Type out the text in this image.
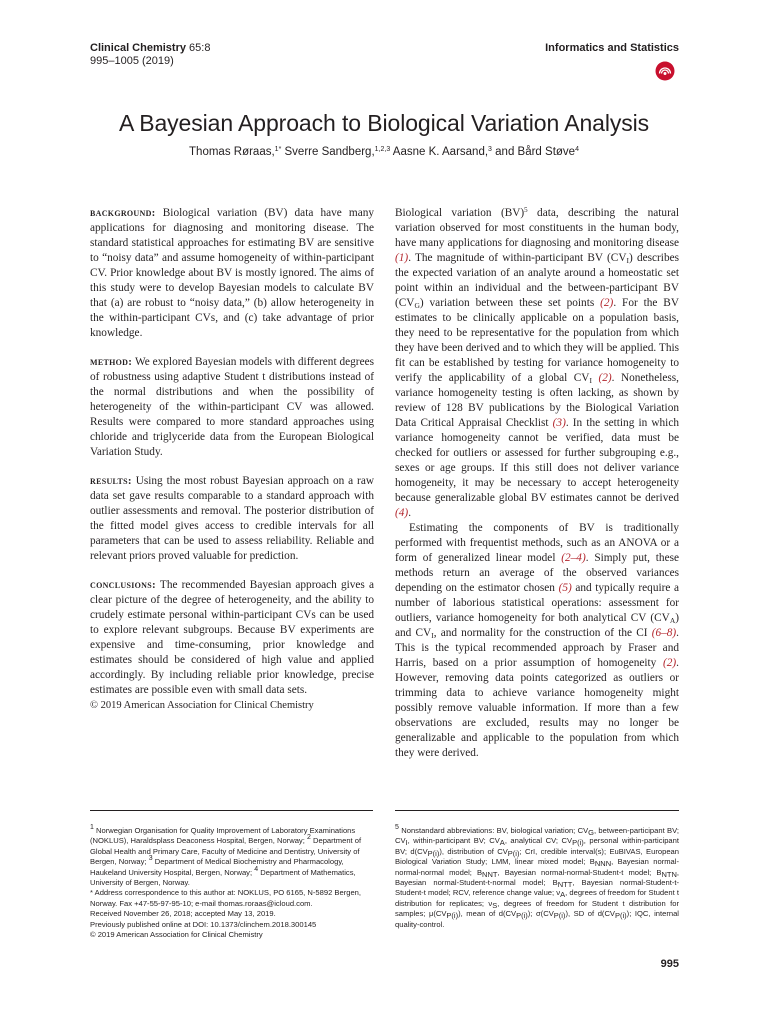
Clinical Chemistry 65:8
995–1005 (2019)
Informatics and Statistics
A Bayesian Approach to Biological Variation Analysis
Thomas Røraas,$^{1*}$ Sverre Sandberg,$^{1,2,3}$ Aasne K. Aarsand,$^3$ and Bård Støve$^4$

background: Biological variation (BV) data have many applications for diagnosing and monitoring disease. The standard statistical approaches for estimating BV are sensitive to “noisy data” and assume homogeneity of within-participant CV. Prior knowledge about BV is mostly ignored. The aims of this study were to develop Bayesian models to calculate BV that (a) are robust to “noisy data,” (b) allow heterogeneity in the within-participant CVs, and (c) take advantage of prior knowledge.

method: We explored Bayesian models with different degrees of robustness using adaptive Student t distributions instead of the normal distributions and when the possibility of heterogeneity of the within-participant CV was allowed. Results were compared to more standard approaches using chloride and triglyceride data from the European Biological Variation Study.

results: Using the most robust Bayesian approach on a raw data set gave results comparable to a standard approach with outlier assessments and removal. The posterior distribution of the fitted model gives access to credible intervals for all parameters that can be used to assess reliability. Reliable and relevant priors proved valuable for prediction.

conclusions: The recommended Bayesian approach gives a clear picture of the degree of heterogeneity, and the ability to crudely estimate personal within-participant CVs can be used to explore relevant subgroups. Because BV experiments are expensive and time-consuming, prior knowledge and estimates should be considered of high value and applied accordingly. By including reliable prior knowledge, precise estimates are possible even with small data sets.

© 2019 American Association for Clinical Chemistry

Biological variation (BV)$^5$ data, describing the natural variation observed for most constituents in the human body, have many applications for diagnosing and monitoring disease (1). The magnitude of within-participant BV $(CV_I)$ describes the expected variation of an analyte around a homeostatic set point within an individual and the between-participant BV $(CV_G)$ variation between these set points (2). For the BV estimates to be clinically applicable on a population basis, they need to be representative for the population from which they have been derived and to which they will be applied. This fit can be established by testing for variance homogeneity to verify the applicability of a global $CV_I$ (2). Nonetheless, variance homogeneity testing is often lacking, as shown by review of 128 BV publications by the Biological Variation Data Critical Appraisal Checklist (3). In the setting in which variance homogeneity cannot be verified, data must be checked for outliers or assessed for further subgrouping e.g., sexes or age groups. If this still does not deliver variance homogeneity, it may be necessary to accept heterogeneity because generalizable global BV estimates cannot be derived (4).

Estimating the components of BV is traditionally performed with frequentist methods, such as an ANOVA or a form of generalized linear model (2–4). Simply put, these methods return an average of the observed variances depending on the estimator chosen (5) and typically require a number of laborious statistical operations: assessment for outliers, variance homogeneity for both analytical CV $(CV_A)$ and $CV_I$, and normality for the construction of the CI (6–8). This is the typical recommended approach by Fraser and Harris, based on a prior assumption of homogeneity (2). However, removing data points categorized as outliers or trimming data to achieve variance homogeneity might possibly remove valuable information. If more than a few observations are excluded, results may no longer be generalizable and applicable to the population from which they were derived.

$^1$ Norwegian Organisation for Quality Improvement of Laboratory Examinations (NOKLUS), Haraldsplass Deaconess Hospital, Bergen, Norway; $^2$ Department of Global Health and Primary Care, Faculty of Medicine and Dentistry, University of Bergen, Norway; $^3$ Department of Medical Biochemistry and Pharmacology, Haukeland University Hospital, Bergen, Norway; $^4$ Department of Mathematics, University of Bergen, Norway.

* Address correspondence to this author at: NOKLUS, PO 6165, N-5892 Bergen, Norway. Fax +47-55-97-95-10; e-mail thomas.roraas@icloud.com.

Received November 26, 2018; accepted May 13, 2019.

Previously published online at DOI: 10.1373/clinchem.2018.300145

© 2019 American Association for Clinical Chemistry

$^5$ Nonstandard abbreviations: BV, biological variation; $CV_G$, between-participant BV; $CV_I$, within-participant BV; $CV_A$, analytical CV; $CV_{P(i)}$, personal within-participant BV; $d(CV_{P(i)})$, distribution of $CV_{P(i)}$; CrI, credible interval(s); EuBIVAS, European Biological Variation Study; LMM, linear mixed model; $B_{NNN}$, Bayesian normal-normal-normal model; $B_{NNT}$, Bayesian normal-normal-Student-t model; $B_{NTN}$, Bayesian normal-Student-t-normal model; $B_{NTT}$, Bayesian normal-Student-t-Student-t model; RCV, reference change value; $\nu_A$, degrees of freedom for Student t distribution for replicates; $\nu_S$, degrees of freedom for Student t distribution for samples; $\mu(CV_{P(i)})$, mean of $d(CV_{P(i)})$; $\sigma(CV_{P(i)})$, SD of $d(CV_{P(i)})$; IQC, internal quality-control.
995
